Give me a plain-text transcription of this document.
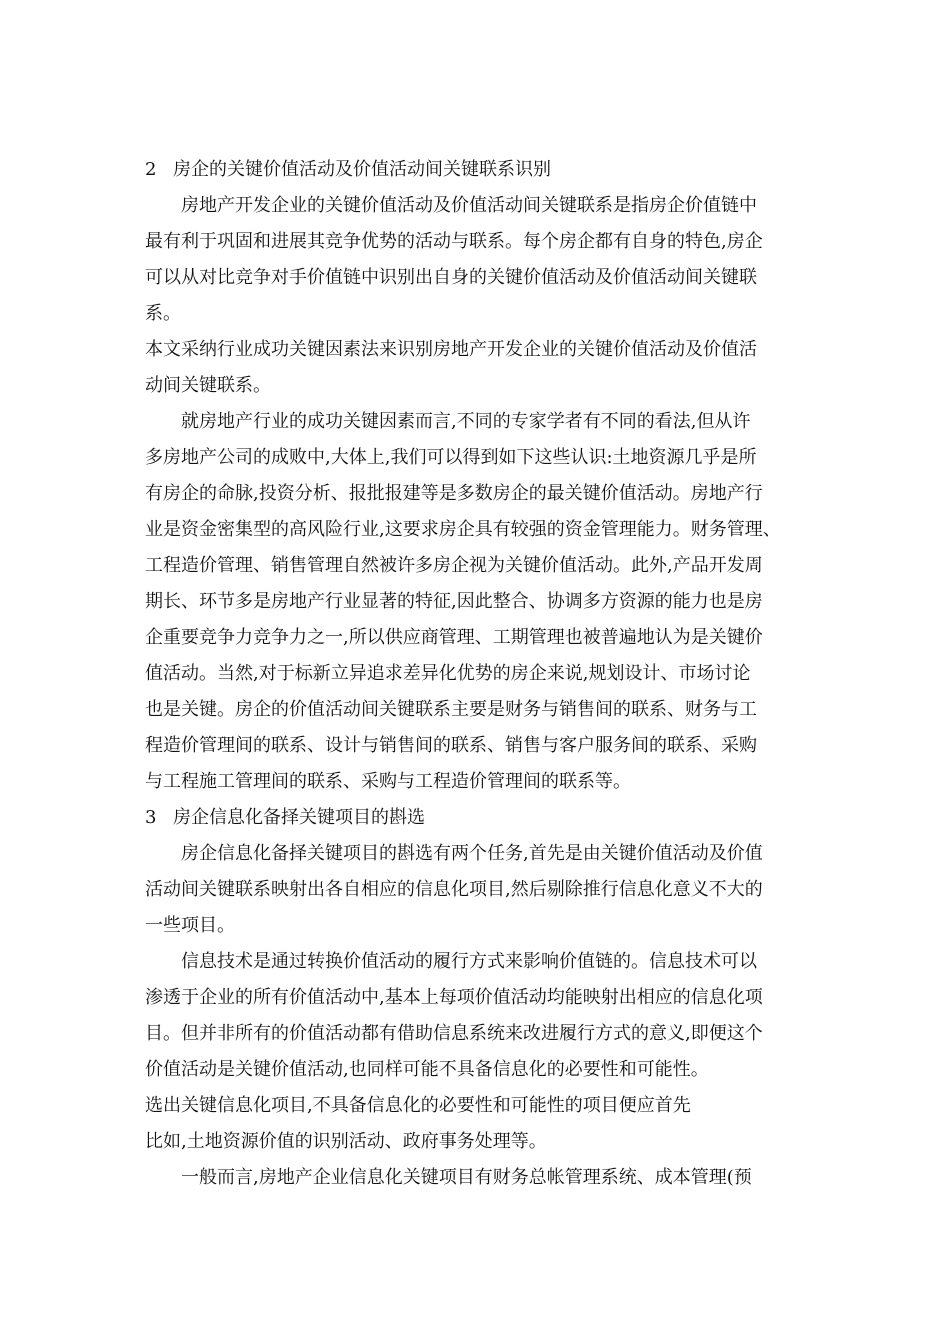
2 房企的关键价值活动及价值活动间关键联系识别
房地产开发企业的关键价值活动及价值活动间关键联系是指房企价值链中
最有利于巩固和进展其竞争优势的活动与联系。每个房企都有自身的特色,房企
可以从对比竞争对手价值链中识别出自身的关键价值活动及价值活动间关键联
系。
本文采纳行业成功关键因素法来识别房地产开发企业的关键价值活动及价值活
动间关键联系。
就房地产行业的成功关键因素而言,不同的专家学者有不同的看法,但从许
多房地产公司的成败中,大体上,我们可以得到如下这些认识:土地资源几乎是所
有房企的命脉,投资分析、报批报建等是多数房企的最关键价值活动。房地产行
业是资金密集型的高风险行业,这要求房企具有较强的资金管理能力。财务管理、
工程造价管理、销售管理自然被许多房企视为关键价值活动。此外,产品开发周
期长、环节多是房地产行业显著的特征,因此整合、协调多方资源的能力也是房
企重要竞争力竞争力之一,所以供应商管理、工期管理也被普遍地认为是关键价
值活动。当然,对于标新立异追求差异化优势的房企来说,规划设计、市场讨论
也是关键。房企的价值活动间关键联系主要是财务与销售间的联系、财务与工
程造价管理间的联系、设计与销售间的联系、销售与客户服务间的联系、采购
与工程施工管理间的联系、采购与工程造价管理间的联系等。
3 房企信息化备择关键项目的斟选
房企信息化备择关键项目的斟选有两个任务,首先是由关键价值活动及价值
活动间关键联系映射出各自相应的信息化项目,然后剔除推行信息化意义不大的
一些项目。
信息技术是通过转换价值活动的履行方式来影响价值链的。信息技术可以
渗透于企业的所有价值活动中,基本上每项价值活动均能映射出相应的信息化项
目。但并非所有的价值活动都有借助信息系统来改进履行方式的意义,即便这个
价值活动是关键价值活动,也同样可能不具备信息化的必要性和可能性。
选出关键信息化项目,不具备信息化的必要性和可能性的项目便应首先
比如,土地资源价值的识别活动、政府事务处理等。
一般而言,房地产企业信息化关键项目有财务总帐管理系统、成本管理(预
